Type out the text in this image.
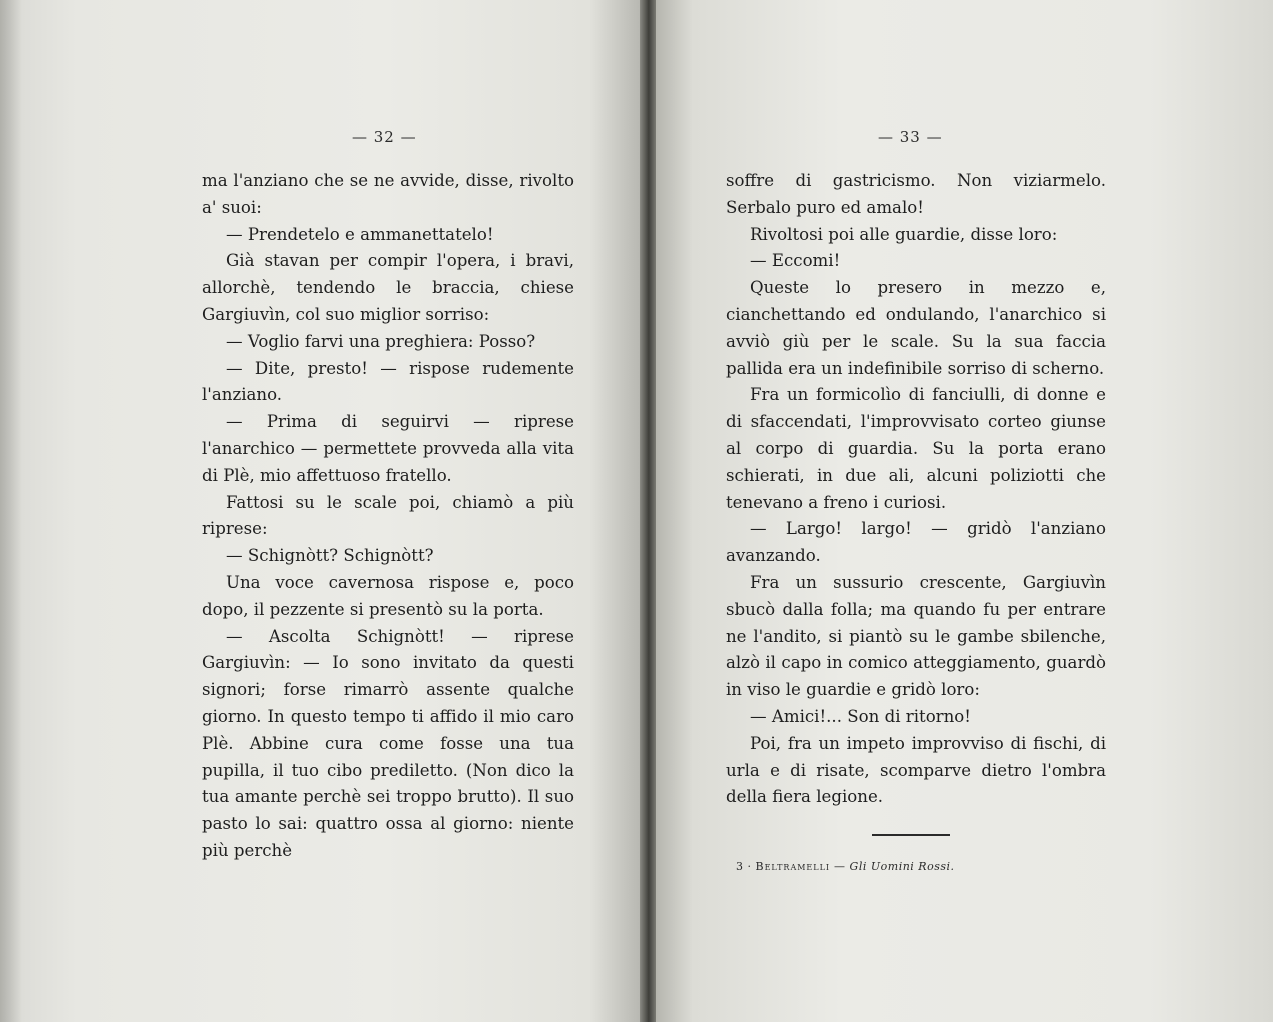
— 32 —

ma l'anziano che se ne avvide, disse, rivolto a' suoi:

— Prendetelo e ammanettatelo!

Già stavan per compir l'opera, i bravi, allorchè, tendendo le braccia, chiese Gargiuvìn, col suo miglior sorriso:

— Voglio farvi una preghiera: Posso?

— Dite, presto! — rispose rudemente l'anziano.

— Prima di seguirvi — riprese l'anarchico — permettete provveda alla vita di Plè, mio affettuoso fratello.

Fattosi su le scale poi, chiamò a più riprese:

— Schignòtt? Schignòtt?

Una voce cavernosa rispose e, poco dopo, il pezzente si presentò su la porta.

— Ascolta Schignòtt! — riprese Gargiuvìn: — Io sono invitato da questi signori; forse rimarrò assente qualche giorno. In questo tempo ti affido il mio caro Plè. Abbine cura come fosse una tua pupilla, il tuo cibo prediletto. (Non dico la tua amante perchè sei troppo brutto). Il suo pasto lo sai: quattro ossa al giorno: niente più perchè

— 33 —

soffre di gastricismo. Non viziarmelo. Serbalo puro ed amalo!

Rivoltosi poi alle guardie, disse loro:

— Eccomi!

Queste lo presero in mezzo e, cianchettando ed ondulando, l'anarchico si avviò giù per le scale. Su la sua faccia pallida era un indefinibile sorriso di scherno.

Fra un formicolìo di fanciulli, di donne e di sfaccendati, l'improvvisato corteo giunse al corpo di guardia. Su la porta erano schierati, in due ali, alcuni poliziotti che tenevano a freno i curiosi.

— Largo! largo! — gridò l'anziano avanzando.

Fra un sussurio crescente, Gargiuvìn sbucò dalla folla; ma quando fu per entrare ne l'andito, si piantò su le gambe sbilenche, alzò il capo in comico atteggiamento, guardò in viso le guardie e gridò loro:

— Amici!... Son di ritorno!

Poi, fra un impeto improvviso di fischi, di urla e di risate, scomparve dietro l'ombra della fiera legione.

3 · Beltramelli — Gli Uomini Rossi.
